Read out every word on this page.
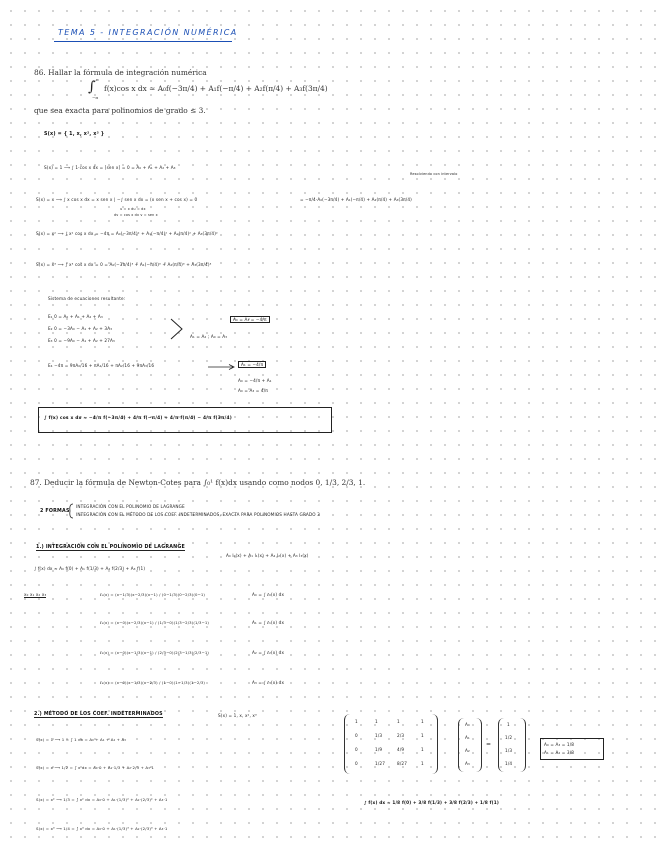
TEMA 5 - INTEGRACIÓN NUMÉRICA
86. Hallar la fórmula de integración numérica
∫ π
−π
f(x)cos x dx ≈ A₀f(−3π/4) + A₁f(−π/4) + A₂f(π/4) + A₃f(3π/4)
que sea exacta para polinomios de grado ≤ 3.
S(x) = { 1, x, x², x³ }
S(x) = 1 ⟶ ∫ 1·cos x dx = [sen x] = 0 = A₀ + A₁ + A₂ + A₃
Resolviendo con intervalo
S(x) = x ⟶ ∫ x cos x dx = x sen x | −∫ sen x dx = (x sen x + cos x) = 0	= −π/4·A₀(−3π/4) + A₁(−π/4) + A₂(π/4) + A₃(3π/4)
u = x du = dx
dv = cos x dx v = sen x
S(x) = x² ⟶ ∫ x² cos x dx = −4π = A₀(−3π/4)² + A₁(−π/4)² + A₂(π/4)² + A₃(3π/4)²
S(x) = x³ ⟶ ∫ x³ cos x dx = 0 = A₀(−3π/4)³ + A₁(−π/4)³ + A₂(π/4)³ + A₃(3π/4)³
Sistema de ecuaciones resultante:
E₁ 0 = A₀ + A₁ + A₂ + A₃
E₂ 0 = −3A₀ − A₁ + A₂ + 3A₃
E₃ 0 = −9A₀ − A₁ + A₂ + 27A₃
A₀ = A₃ = −4/π
A₁ = A₂ ; A₀ = A₃
E₄ −4π = 9πA₀/16 + πA₁/16 + πA₂/16 + 9πA₃/16	A₁ = −4/π
A₀ = −4/π + A₁
A₀ = A₃ = 4/π
∫ f(x) cos x dx ≈ −4/π f(−3π/4) + 4/π f(−π/4) + 4/π f(π/4) − 4/π f(3π/4)
87. Deducir la fórmula de Newton-Cotes para ∫₀¹ f(x)dx usando como nodos 0, 1/3, 2/3, 1.
2 FORMAS
INTEGRACIÓN CON EL POLINOMIO DE LAGRANGE
INTEGRACIÓN CON EL MÉTODO DE LOS COEF. INDETERMINADOS, EXACTA PARA POLINOMIOS HASTA GRADO 3
1.) INTEGRACIÓN CON EL POLINOMIO DE LAGRANGE
A₀ l₀(x) + A₁ l₁(x) + A₂ l₂(x) + A₃ l₃(x)
∫ f(x) dx ≈ A₀ f(0) + A₁ f(1/3) + A₂ f(2/3) + A₃ f(1)
x₀ x₁ x₂ x₃	ℓ₀(x) = (x−1/3)(x−2/3)(x−1) / (0−1/3)(0−2/3)(0−1)	A₀ = ∫ ℓ₀(x) dx
ℓ₁(x) = (x−0)(x−2/3)(x−1) / (1/3−0)(1/3−2/3)(1/3−1)	A₁ = ∫ ℓ₁(x) dx
ℓ₂(x) = (x−0)(x−1/3)(x−1) / (2/3−0)(2/3−1/3)(2/3−1)	A₂ = ∫ ℓ₂(x) dx
ℓ₃(x) = (x−0)(x−1/3)(x−2/3) / (1−0)(1−1/3)(1−2/3)	A₃ = ∫ ℓ₃(x) dx
2.) MÉTODO DE LOS COEF. INDETERMINADOS	S(x) = 1, x, x², x³
S(x) = 1 ⟶ 1 = ∫ 1 dx = A₀ + A₁ + A₂ + A₃
S(x) = x ⟶ 1/2 = ∫ x dx = A₀·0 + A₁·1/3 + A₂·2/3 + A₃·1
S(x) = x² ⟶ 1/3 = ∫ x² dx = A₀·0 + A₁·(1/3)² + A₂·(2/3)² + A₃·1
S(x) = x³ ⟶ 1/4 = ∫ x³ dx = A₀·0 + A₁·(1/3)³ + A₂·(2/3)³ + A₃·1
1	1	1	1
0	1/3	2/3	1
0	1/9	4/9	1
0	1/27	8/27	1
A₀
A₁
A₂
A₃
=
1
1/2
1/3
1/4
A₀ = A₃ = 1/8
A₁ = A₂ = 3/8
∫ f(x) dx ≈ 1/8 f(0) + 3/8 f(1/3) + 3/8 f(2/3) + 1/8 f(1)
